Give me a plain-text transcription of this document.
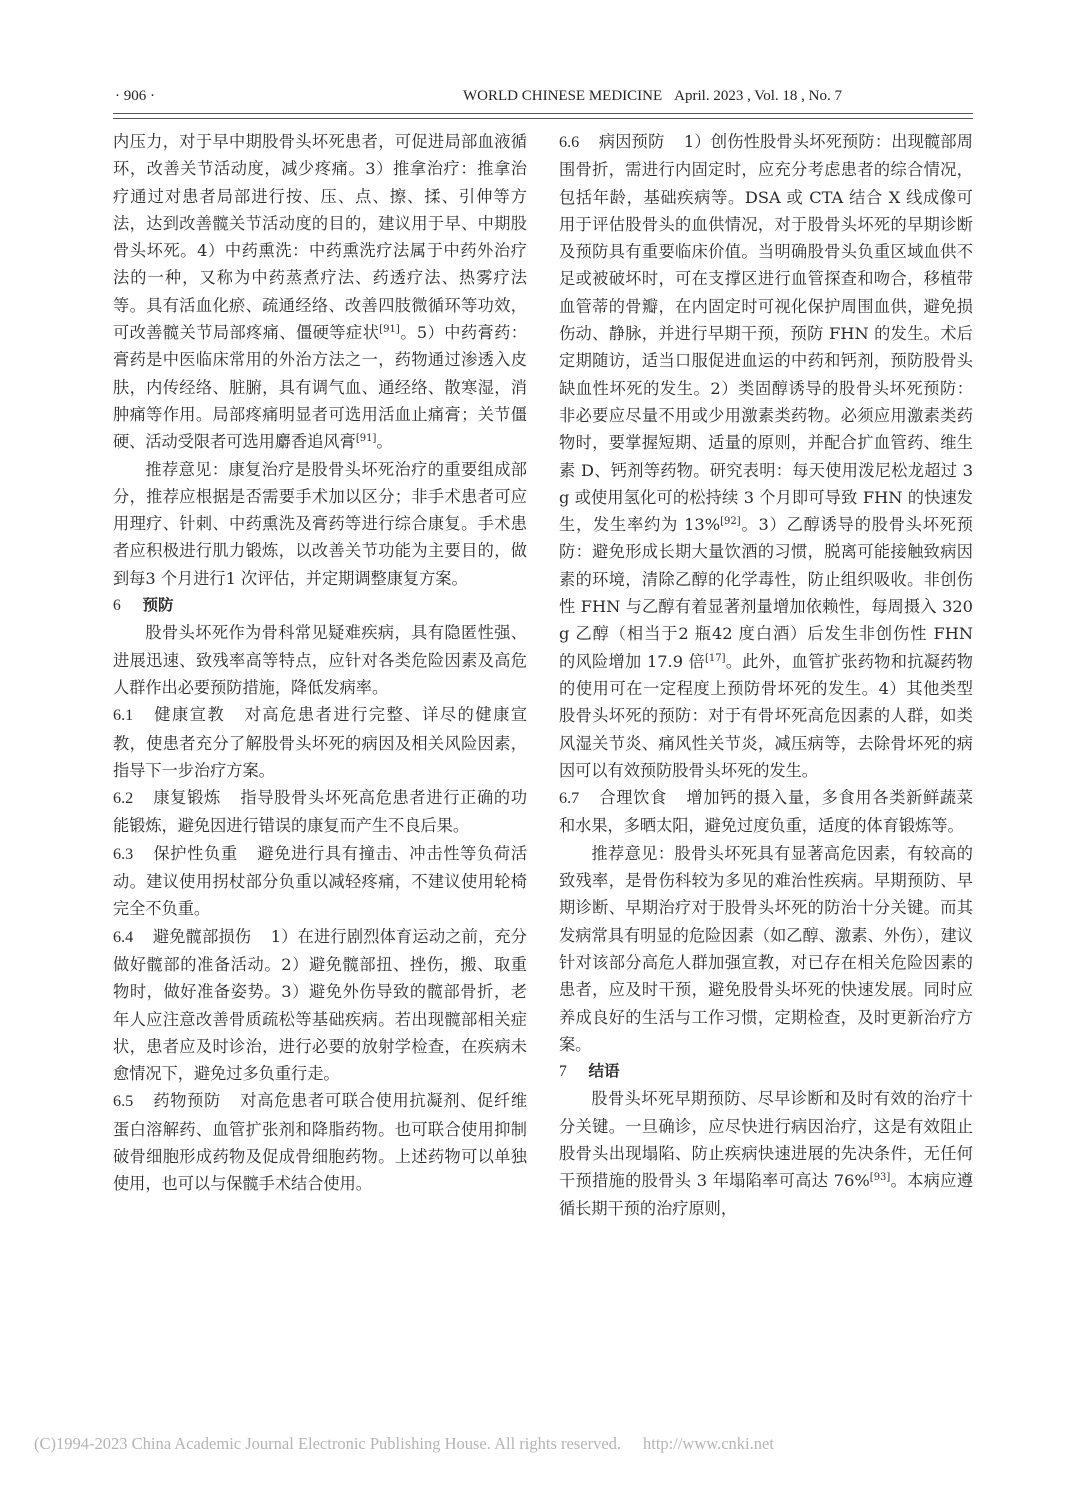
· 906 ·	WORLD CHINESE MEDICINE April. 2023 , Vol. 18 , No. 7

内压力，对于早中期股骨头坏死患者，可促进局部血液循环，改善关节活动度，减少疼痛。3）推拿治疗：推拿治疗通过对患者局部进行按、压、点、擦、揉、引伸等方法，达到改善髋关节活动度的目的，建议用于早、中期股骨头坏死。4）中药熏洗：中药熏洗疗法属于中药外治疗法的一种，又称为中药蒸煮疗法、药透疗法、热雾疗法等。具有活血化瘀、疏通经络、改善四肢微循环等功效，可改善髋关节局部疼痛、僵硬等症状[91]。5）中药膏药：膏药是中医临床常用的外治方法之一，药物通过渗透入皮肤，内传经络、脏腑，具有调气血、通经络、散寒湿，消肿痛等作用。局部疼痛明显者可选用活血止痛膏；关节僵硬、活动受限者可选用麝香追风膏[91]。

推荐意见：康复治疗是股骨头坏死治疗的重要组成部分，推荐应根据是否需要手术加以区分；非手术患者可应用理疗、针刺、中药熏洗及膏药等进行综合康复。手术患者应积极进行肌力锻炼，以改善关节功能为主要目的，做到每3 个月进行1 次评估，并定期调整康复方案。

6 预防

股骨头坏死作为骨科常见疑难疾病，具有隐匿性强、进展迅速、致残率高等特点，应针对各类危险因素及高危人群作出必要预防措施，降低发病率。

6.1 健康宣教 对高危患者进行完整、详尽的健康宣教，使患者充分了解股骨头坏死的病因及相关风险因素，指导下一步治疗方案。

6.2 康复锻炼 指导股骨头坏死高危患者进行正确的功能锻炼，避免因进行错误的康复而产生不良后果。

6.3 保护性负重 避免进行具有撞击、冲击性等负荷活动。建议使用拐杖部分负重以减轻疼痛，不建议使用轮椅完全不负重。

6.4 避免髋部损伤 1）在进行剧烈体育运动之前，充分做好髋部的准备活动。2）避免髋部扭、挫伤，搬、取重物时，做好准备姿势。3）避免外伤导致的髋部骨折，老年人应注意改善骨质疏松等基础疾病。若出现髋部相关症状，患者应及时诊治，进行必要的放射学检查，在疾病未愈情况下，避免过多负重行走。

6.5 药物预防 对高危患者可联合使用抗凝剂、促纤维蛋白溶解药、血管扩张剂和降脂药物。也可联合使用抑制破骨细胞形成药物及促成骨细胞药物。上述药物可以单独使用，也可以与保髋手术结合使用。

6.6 病因预防 1）创伤性股骨头坏死预防：出现髋部周围骨折，需进行内固定时，应充分考虑患者的综合情况，包括年龄，基础疾病等。DSA 或 CTA 结合 X 线成像可用于评估股骨头的血供情况，对于股骨头坏死的早期诊断及预防具有重要临床价值。当明确股骨头负重区域血供不足或被破坏时，可在支撑区进行血管探查和吻合，移植带血管蒂的骨瓣，在内固定时可视化保护周围血供，避免损伤动、静脉，并进行早期干预，预防 FHN 的发生。术后定期随访，适当口服促进血运的中药和钙剂，预防股骨头缺血性坏死的发生。2）类固醇诱导的股骨头坏死预防：非必要应尽量不用或少用激素类药物。必须应用激素类药物时，要掌握短期、适量的原则，并配合扩血管药、维生素 D、钙剂等药物。研究表明：每天使用泼尼松龙超过 3 g 或使用氢化可的松持续 3 个月即可导致 FHN 的快速发生，发生率约为 13%[92]。3）乙醇诱导的股骨头坏死预防：避免形成长期大量饮酒的习惯，脱离可能接触致病因素的环境，清除乙醇的化学毒性，防止组织吸收。非创伤性 FHN 与乙醇有着显著剂量增加依赖性，每周摄入 320 g 乙醇（相当于2 瓶42 度白酒）后发生非创伤性 FHN 的风险增加 17.9 倍[17]。此外，血管扩张药物和抗凝药物的使用可在一定程度上预防骨坏死的发生。4）其他类型股骨头坏死的预防：对于有骨坏死高危因素的人群，如类风湿关节炎、痛风性关节炎，减压病等，去除骨坏死的病因可以有效预防股骨头坏死的发生。

6.7 合理饮食 增加钙的摄入量，多食用各类新鲜蔬菜和水果，多晒太阳，避免过度负重，适度的体育锻炼等。

推荐意见：股骨头坏死具有显著高危因素，有较高的致残率，是骨伤科较为多见的难治性疾病。早期预防、早期诊断、早期治疗对于股骨头坏死的防治十分关键。而其发病常具有明显的危险因素（如乙醇、激素、外伤），建议针对该部分高危人群加强宣教，对已存在相关危险因素的患者，应及时干预，避免股骨头坏死的快速发展。同时应养成良好的生活与工作习惯，定期检查，及时更新治疗方案。

7 结语

股骨头坏死早期预防、尽早诊断和及时有效的治疗十分关键。一旦确诊，应尽快进行病因治疗，这是有效阻止股骨头出现塌陷、防止疾病快速进展的先决条件，无任何干预措施的股骨头 3 年塌陷率可高达 76%[93]。本病应遵循长期干预的治疗原则，

(C)1994-2023 China Academic Journal Electronic Publishing House. All rights reserved. http://www.cnki.net
